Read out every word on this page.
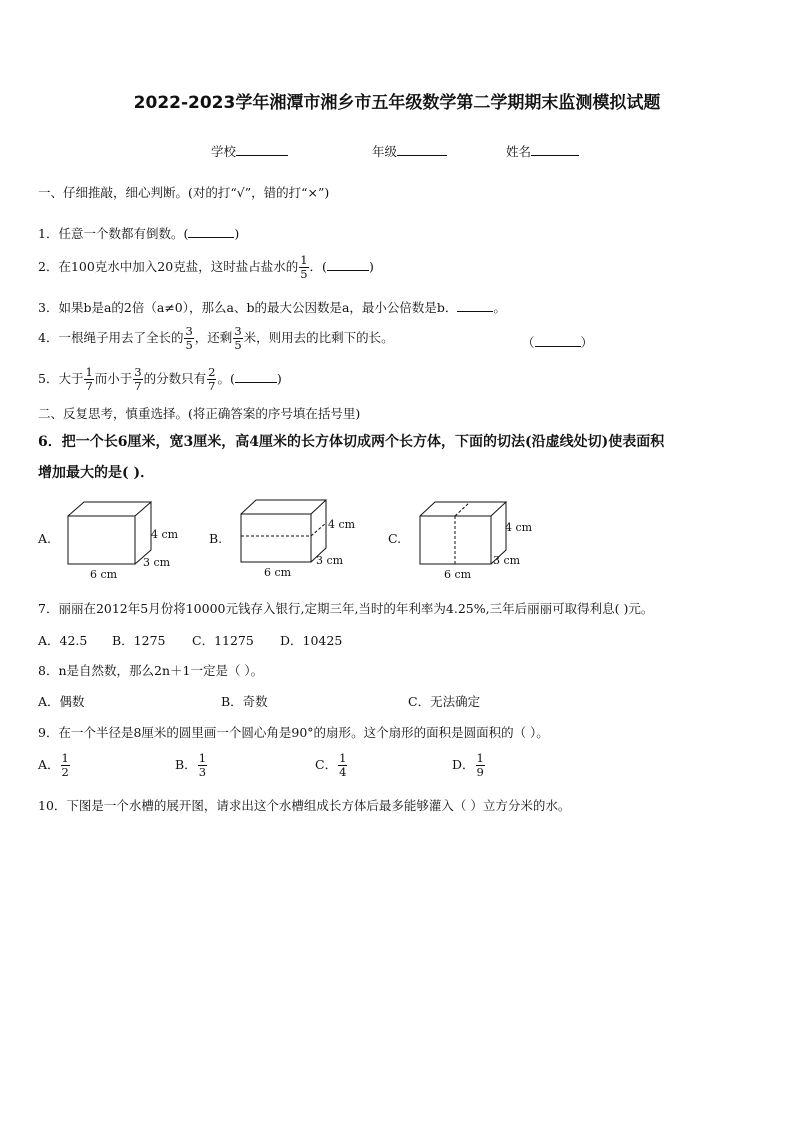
2022-2023学年湘潭市湘乡市五年级数学第二学期期末监测模拟试题
学校	年级	姓名
一、仔细推敲，细心判断。(对的打“√”，错的打“×”)
1．任意一个数都有倒数。(	)
2．在100克水中加入20克盐，这时盐占盐水的 $\frac{1}{5}$ ．(	)
3．如果b是a的2倍（a≠0），那么a、b的最大公因数是a，最小公倍数是b．	。
4．一根绳子用去了全长的 $\frac{3}{5}$ ，还剩 $\frac{3}{5}$ 米，则用去的比剩下的长。	（	）
5．大于 $\frac{1}{7}$ 而小于 $\frac{3}{7}$ 的分数只有 $\frac{2}{7}$ 。(	)
二、反复思考，慎重选择。(将正确答案的序号填在括号里)
6．把一个长6厘米，宽3厘米，高4厘米的长方体切成两个长方体，下面的切法(沿虚线处切)使表面积
增加最大的是( )．
A.	4 cm
3 cm
6 cm
B.
4 cm
3 cm
6 cm
C.
4 cm
3 cm
6 cm
7．丽丽在2012年5月份将10000元钱存入银行,定期三年,当时的年利率为4.25%,三年后丽丽可取得利息( )元。
A．42.5 B．1275 C．11275 D．10425
8．n是自然数，那么2n＋1一定是（ ）。
A．偶数	B．奇数	C．无法确定
9．在一个半径是8厘米的圆里画一个圆心角是90°的扇形。这个扇形的面积是圆面积的（ ）。
A． $\frac{1}{2}$	B． $\frac{1}{3}$	C． $\frac{1}{4}$	D． $\frac{1}{9}$
10．下图是一个水槽的展开图，请求出这个水槽组成长方体后最多能够灌入（ ）立方分米的水。
